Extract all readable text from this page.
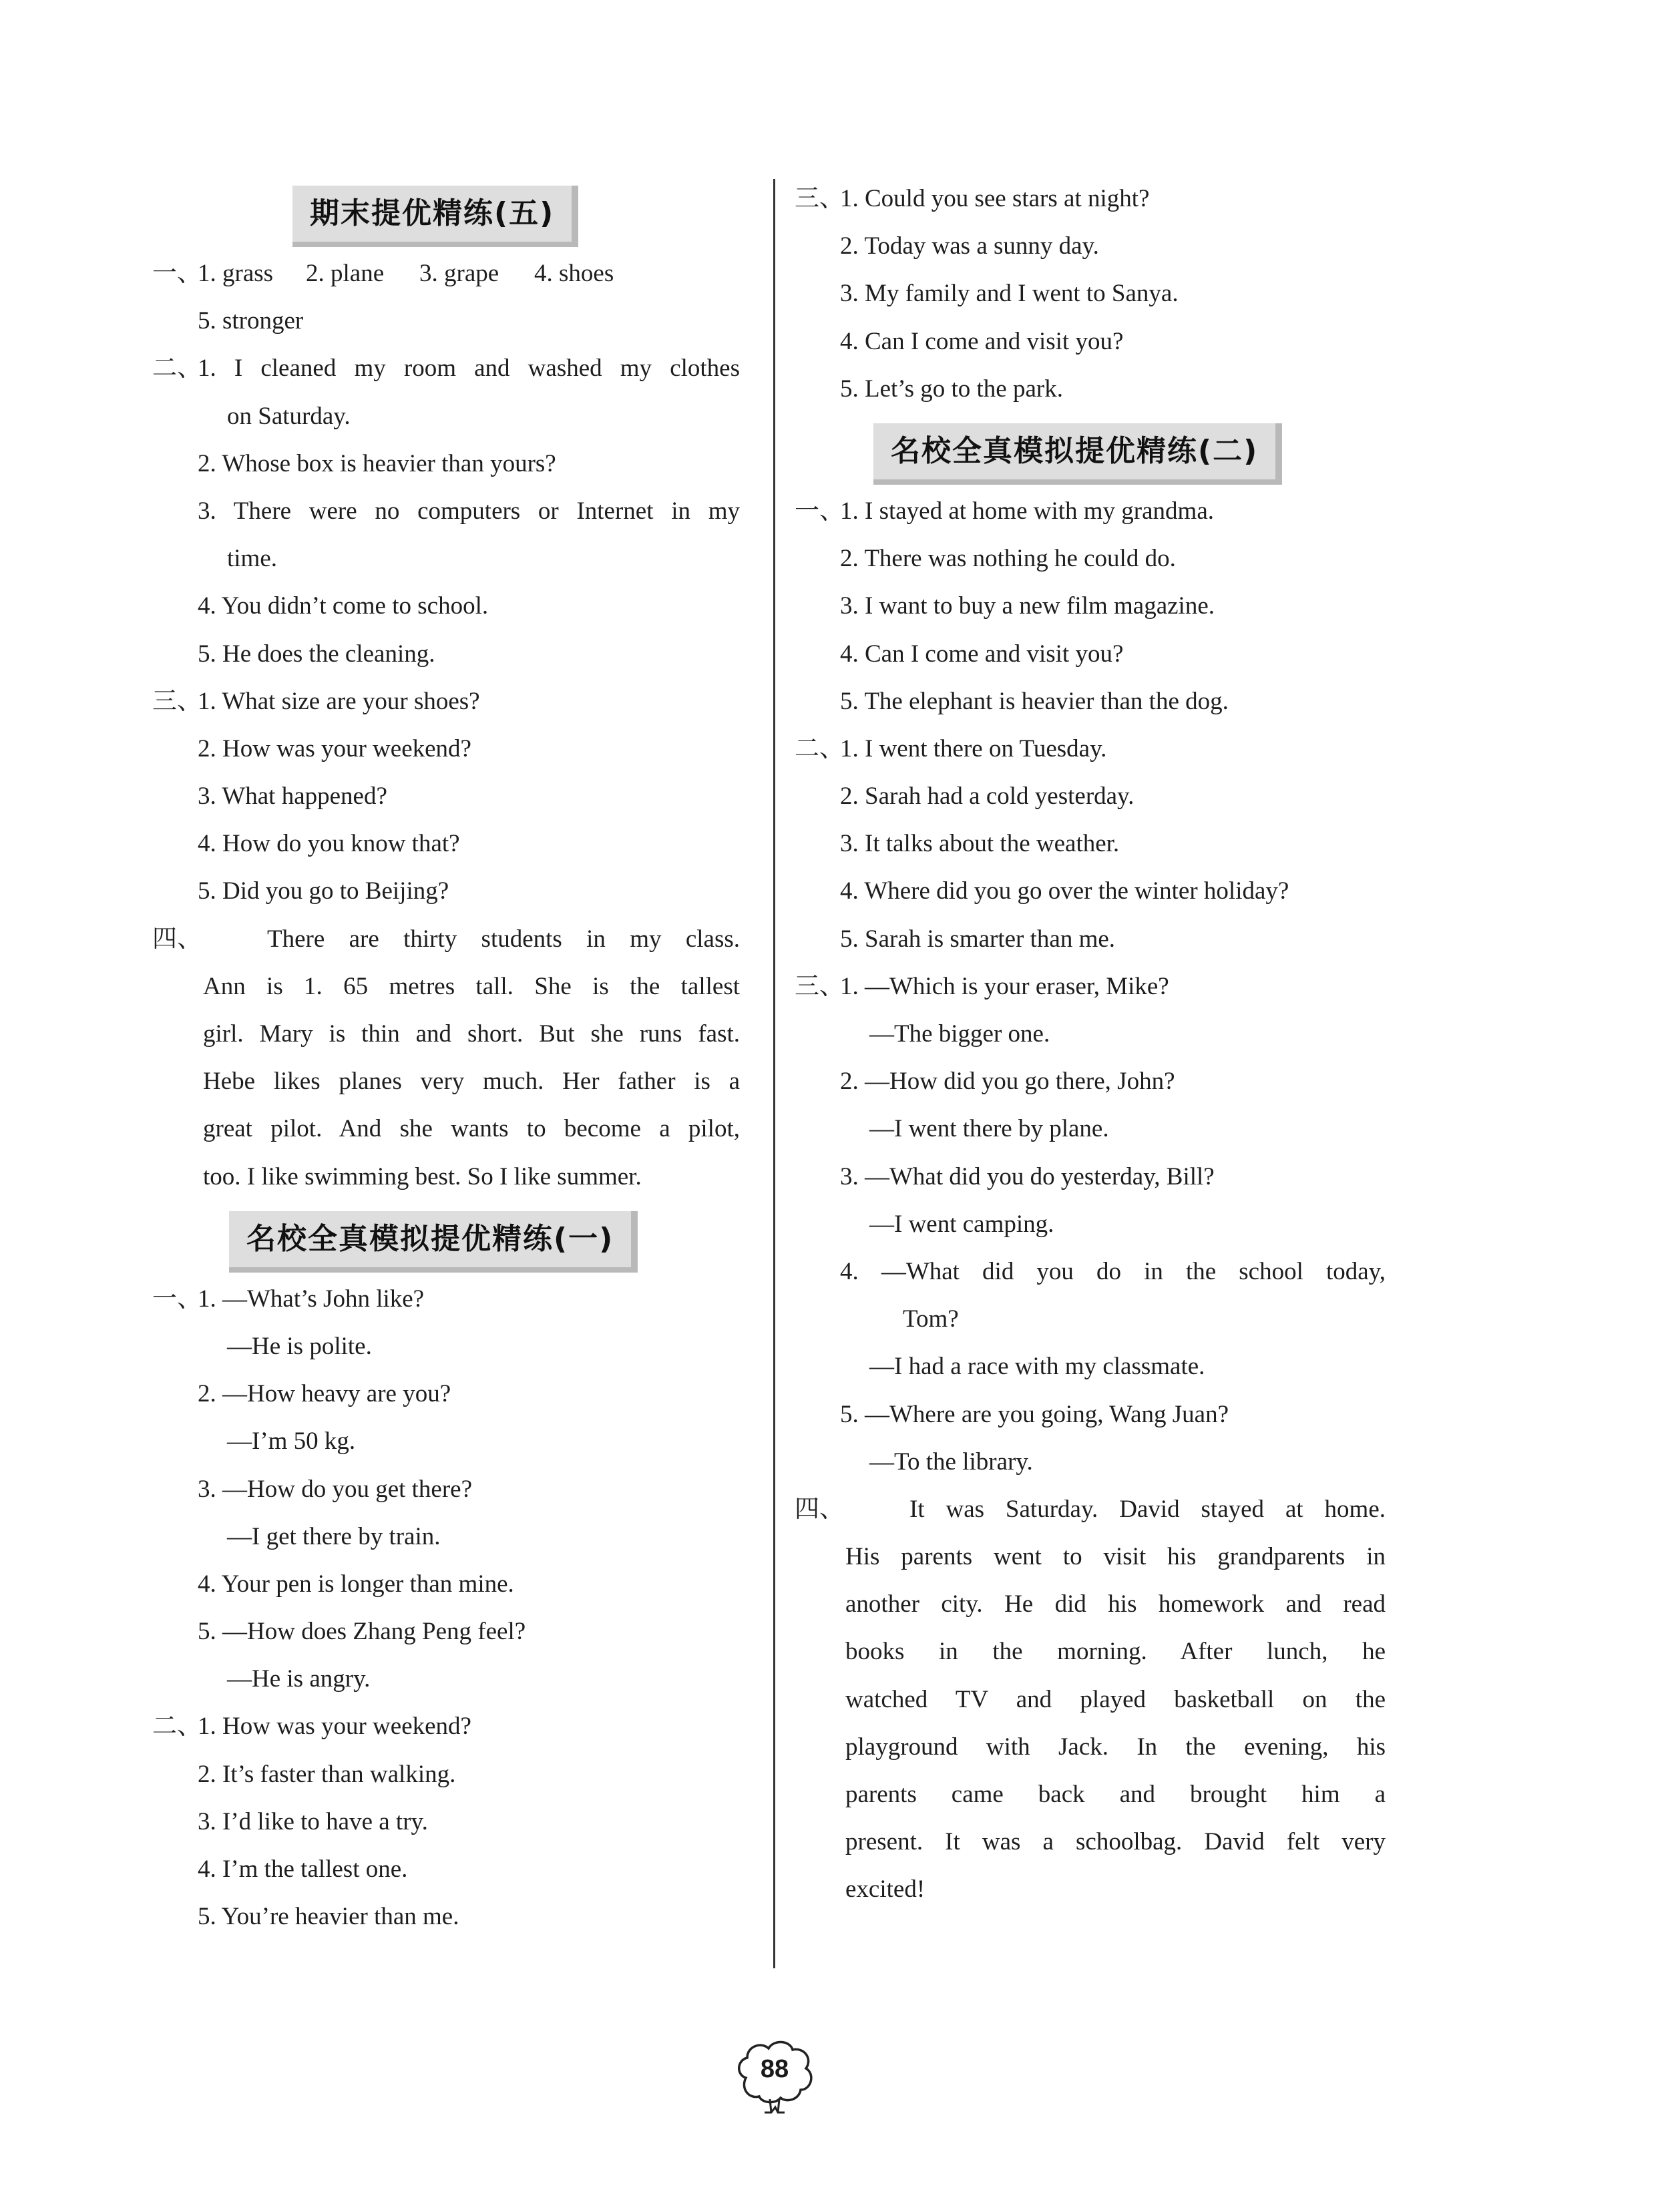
期末提优精练(五)
一、
1. grass 2. plane 3. grape 4. shoes
5. stronger
二、
1. I cleaned my room and washed my clothes
on Saturday.
2. Whose box is heavier than yours?
3. There were no computers or Internet in my
time.
4. You didn’t come to school.
5. He does the cleaning.
三、
1. What size are your shoes?
2. How was your weekend?
3. What happened?
4. How do you know that?
5. Did you go to Beijing?
四、	There are thirty students in my class.
Ann is 1. 65 metres tall. She is the tallest
girl. Mary is thin and short. But she runs fast.
Hebe likes planes very much. Her father is a
great pilot. And she wants to become a pilot,
too. I like swimming best. So I like summer.
名校全真模拟提优精练(一)
一、
1. —What’s John like?
—He is polite.
2. —How heavy are you?
—I’m 50 kg.
3. —How do you get there?
—I get there by train.
4. Your pen is longer than mine.
5. —How does Zhang Peng feel?
—He is angry.
二、
1. How was your weekend?
2. It’s faster than walking.
3. I’d like to have a try.
4. I’m the tallest one.
5. You’re heavier than me.
三、
1. Could you see stars at night?
2. Today was a sunny day.
3. My family and I went to Sanya.
4. Can I come and visit you?
5. Let’s go to the park.
名校全真模拟提优精练(二)
一、
1. I stayed at home with my grandma.
2. There was nothing he could do.
3. I want to buy a new film magazine.
4. Can I come and visit you?
5. The elephant is heavier than the dog.
二、
1. I went there on Tuesday.
2. Sarah had a cold yesterday.
3. It talks about the weather.
4. Where did you go over the winter holiday?
5. Sarah is smarter than me.
三、
1. —Which is your eraser, Mike?
—The bigger one.
2. —How did you go there, John?
—I went there by plane.
3. —What did you do yesterday, Bill?
—I went camping.
4. —What did you do in the school today,
Tom?
—I had a race with my classmate.
5. —Where are you going, Wang Juan?
—To the library.
四、	It was Saturday. David stayed at home.
His parents went to visit his grandparents in
another city. He did his homework and read
books in the morning. After lunch, he
watched TV and played basketball on the
playground with Jack. In the evening, his
parents came back and brought him a
present. It was a schoolbag. David felt very
excited!
88
